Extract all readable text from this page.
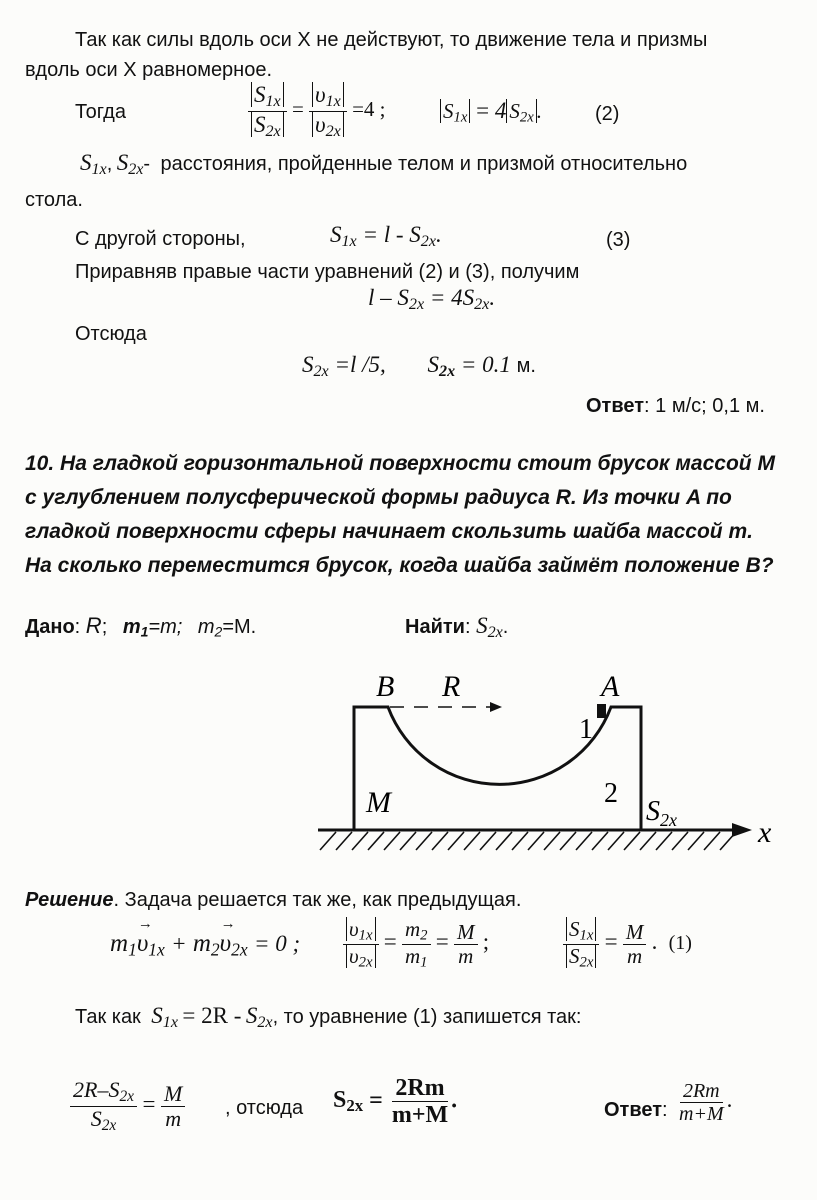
Так как силы вдоль оси X не действуют, то движение тела и призмы
вдоль оси X равномерное.
Тогда	$\frac{S_{1x}}{S_{2x}} = \frac{\upsilon_{1x}}{\upsilon_{2x}} =4$ ;	$S_{1x} = 4$ $S_{2x}$ .	(2)
$S_{1x}$, $S_{2x}-$ расстояния, пройденные телом и призмой относительно
стола.
С другой стороны,	$S_{1x} = l - S_{2x}$.	(3)
Приравняв правые части уравнений (2) и (3), получим
$l - S_{2x} = 4S_{2x}$.
Отсюда
$S_{2x} =l$ /5, $S_{2x} = 0.1$ м.
Ответ: 1 м/с; 0,1 м.
10. На гладкой горизонтальной поверхности стоит брусок массой M
с углублением полусферической формы радиуса R. Из точки A по
гладкой поверхности сферы начинает скользить шайба массой m.
На сколько переместится брусок, когда шайба займёт положение B?
Дано: R; $m_1=m$; $m_2=M$.	Найти: $S_{2x}$.
B R	A
1
2
M	$S_{2x}$	x
Решение. Задача решается так же, как предыдущая.
$m_1\to \upsilon_{1x} + m_2\to \upsilon_{2x} = 0$ ; $\frac{\upsilon_{1x}}{\upsilon_{2x}} = \frac{m_2}{m_1} = \frac{M}{m}$ ;	$\frac{S_{1x}}{S_{2x}} = \frac{M}{m}$ . (1)
Так как $S_{1x} = 2R - S_{2x}$, то уравнение (1) запишется так:
$\frac{2R-S_{2x}}{S_{2x}} = \frac{M}{m}$ , отсюда $S_{2x} = \frac{2Rm}{m+M}$ .	Ответ: $\frac{2Rm}{m+M}$ .
